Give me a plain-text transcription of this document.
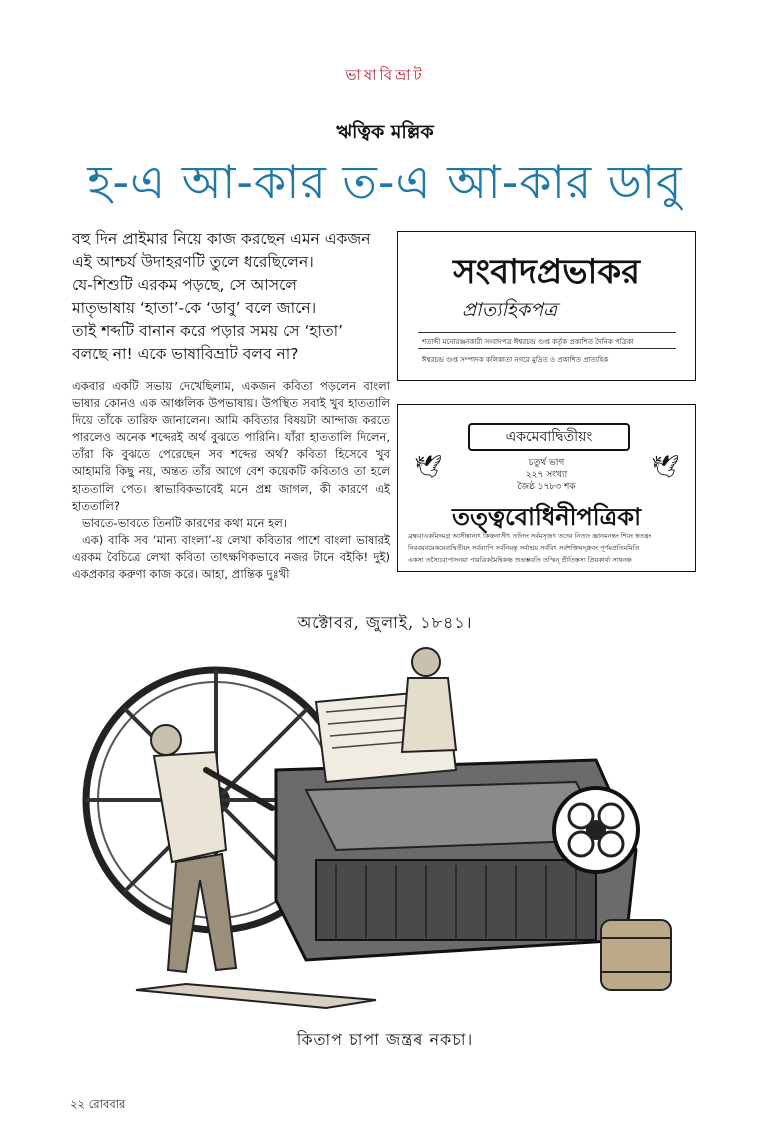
ভাষাবিভ্রাট
ঋত্বিক মল্লিক
হ-এ আ-কার ত-এ আ-কার ডাবু
বহু দিন প্রাইমার নিয়ে কাজ করছেন এমন একজন
এই আশ্চর্য উদাহরণটি তুলে ধরেছিলেন।
যে-শিশুটি এরকম পড়ছে, সে আসলে
মাতৃভাষায় ‘হাতা’-কে ‘ডাবু’ বলে জানে।
তাই শব্দটি বানান করে পড়ার সময় সে ‘হাতা’
বলছে না! একে ভাষাবিভ্রাট বলব না?

একবার একটি সভায় দেখেছিলাম, একজন কবিতা পড়লেন বাংলা ভাষার কোনও এক আঞ্চলিক উপভাষায়। উপস্থিত সবাই খুব হাততালি দিয়ে তাঁকে তারিফ জানালেন। আমি কবিতার বিষয়টা আন্দাজ করতে পারলেও অনেক শব্দেরই অর্থ বুঝতে পারিনি। যাঁরা হাততালি দিলেন, তাঁরা কি বুঝতে পেরেছেন সব শব্দের অর্থ? কবিতা হিসেবে খুব আহামরি কিছু নয়, অন্তত তাঁর আগে বেশ কয়েকটি কবিতাও তা হলে হাততালি পেত। স্বাভাবিকভাবেই মনে প্রশ্ন জাগল, কী কারণে এই হাততালি?

ভাবতে-ভাবতে তিনটি কারণের কথা মনে হল।

এক) বাকি সব ‘মান্য বাংলা’-য় লেখা কবিতার পাশে বাংলা ভাষারই এরকম বৈচিত্রে লেখা কবিতা তাৎক্ষণিকভাবে নজর টানে বইকি! দুই) একপ্রকার করুণা কাজ করে। আহা, প্রান্তিক দুঃখী

সংবাদপ্রভাকর
প্রাত্যহিকপত্র
শতাব্দী মনোরঞ্জনকারী সংবাদপত্র ঈশ্বরচন্দ্র গুপ্ত কর্তৃক প্রকাশিত দৈনিক পত্রিকা
ঈশ্বরচন্দ্র গুপ্ত সম্পাদক কলিকাতা নগরে মুদ্রিত ও প্রকাশিত প্রাত্যহিক
একমেবাদ্বিতীয়ং
🕊	🕊
চতুর্থ ভাগ
২২৭ সংখ্যা
জৈষ্ঠ ১৭৮৩ শক
তত্ত্ববোধিনীপত্রিকা
ব্রহ্মবাএকমিদমগ্র আসীন্নান্যৎ কিঞ্চনাসীৎ তদিদং সর্বমসৃজৎ তদেব নিত্যং জ্ঞানমনন্তং শিবং স্বতন্ত্রং
নিরবয়বমেকমেবাদ্বিতীয়ং সর্বব্যাপি সর্বনিয়ন্তৃ সর্বাশ্রয় সর্ববিৎ সর্বশক্তিমদ্ধ্রুবং পূর্ণমপ্রতিমমিতি
একস্য তস্যৈবোপাসনয়া পারত্রিকমৈহিকঞ্চ শুভম্ভবতি তস্মিন্ প্রীতিস্তস্য প্রিয়কার্য্য সাধনঞ্চ
অক্টোবর, জুলাই, ১৮৪১।
কিতাপ চাপা জন্ত্রৰ নকচা।
২২ রোববার
